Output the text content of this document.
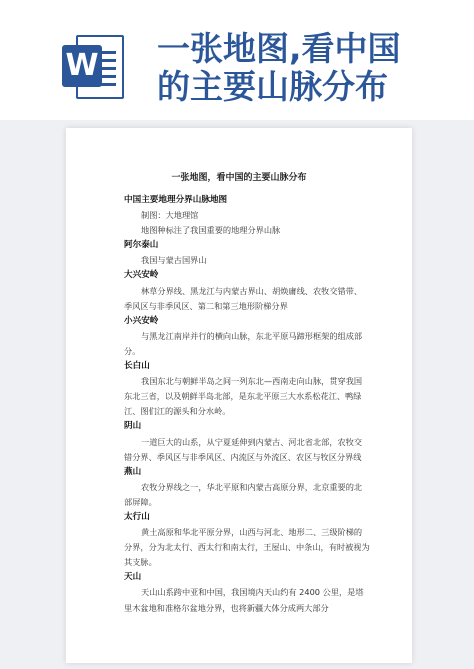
W 一张地图,看中国
的主要山脉分布
一张地图，看中国的主要山脉分布
中国主要地理分界山脉地图
制图：大地理馆
地图种标注了我国重要的地理分界山脉
阿尔泰山
我国与蒙古国界山
大兴安岭
林草分界线、黑龙江与内蒙古界山、胡焕庸线、农牧交错带、季风区与非季风区、第二和第三地形阶梯分界
小兴安岭
与黑龙江南岸并行的横向山脉，东北平原马蹄形框架的组成部分。
长白山
我国东北与朝鲜半岛之间一列东北—西南走向山脉，贯穿我国东北三省，以及朝鲜半岛北部，是东北平原三大水系松花江、鸭绿江、图们江的源头和分水岭。
阴山
一道巨大的山系，从宁夏延伸到内蒙古、河北省北部，农牧交错分界、季风区与非季风区、内流区与外流区、农区与牧区分界线
燕山
农牧分界线之一，华北平原和内蒙古高原分界，北京重要的北部屏障。
太行山
黄土高原和华北平原分界，山西与河北、地形二、三级阶梯的分界，分为北太行、西太行和南太行，王屋山、中条山，有时被视为其支脉。
天山
天山山系跨中亚和中国，我国境内天山约有 2400 公里，是塔里木盆地和准格尔盆地分界，也将新疆大体分成两大部分
